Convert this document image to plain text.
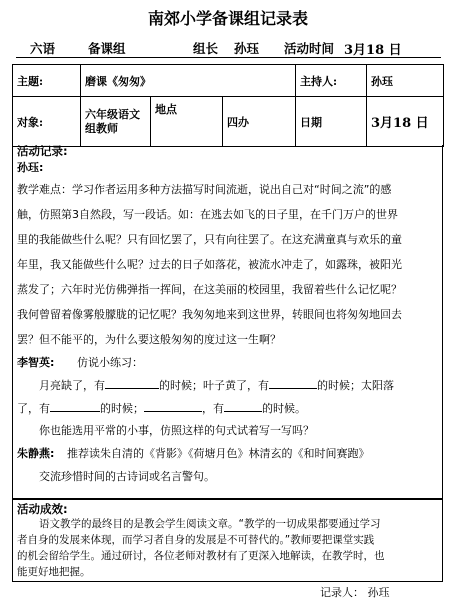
南郊小学备课组记录表
六语	备课组	组长 孙珏 活动时间 3月18 日
主题:	磨课《匆匆》			主持人:	孙珏
对象:	六年级语文组教师	地点	四办	日期	3月18 日
活动记录:
孙珏:
教学难点：学习作者运用多种方法描写时间流逝，说出自己对“时间之流”的感
触，仿照第3自然段，写一段话。如：在逃去如飞的日子里，在千门万户的世界
里的我能做些什么呢？只有回忆罢了，只有向往罢了。在这充满童真与欢乐的童
年里，我又能做些什么呢？过去的日子如落花，被流水冲走了，如露珠，被阳光
蒸发了；六年时光仿佛弹指一挥间，在这美丽的校园里，我留着些什么记忆呢？
我何曾留着像雾般朦胧的记忆呢？我匆匆地来到这世界，转眼间也将匆匆地回去
罢？但不能平的，为什么要这般匆匆的度过这一生啊？
李智英: 仿说小练习：
月亮缺了，有	的时候；叶子黄了，有	的时候；太阳落
了，有	的时候；	，有	的时候。
你也能选用平常的小事，仿照这样的句式试着写一写吗？
朱静燕: 推荐读朱自清的《背影》《荷塘月色》林清玄的《和时间赛跑》
交流珍惜时间的古诗词或名言警句。
活动成效:
语文教学的最终目的是教会学生阅读文章。“教学的一切成果都要通过学习
者自身的发展来体现，而学习者自身的发展是不可替代的。”教师要把课堂实践
的机会留给学生。通过研讨，各位老师对教材有了更深入地解读，在教学时，也
能更好地把握。
记录人： 孙珏
